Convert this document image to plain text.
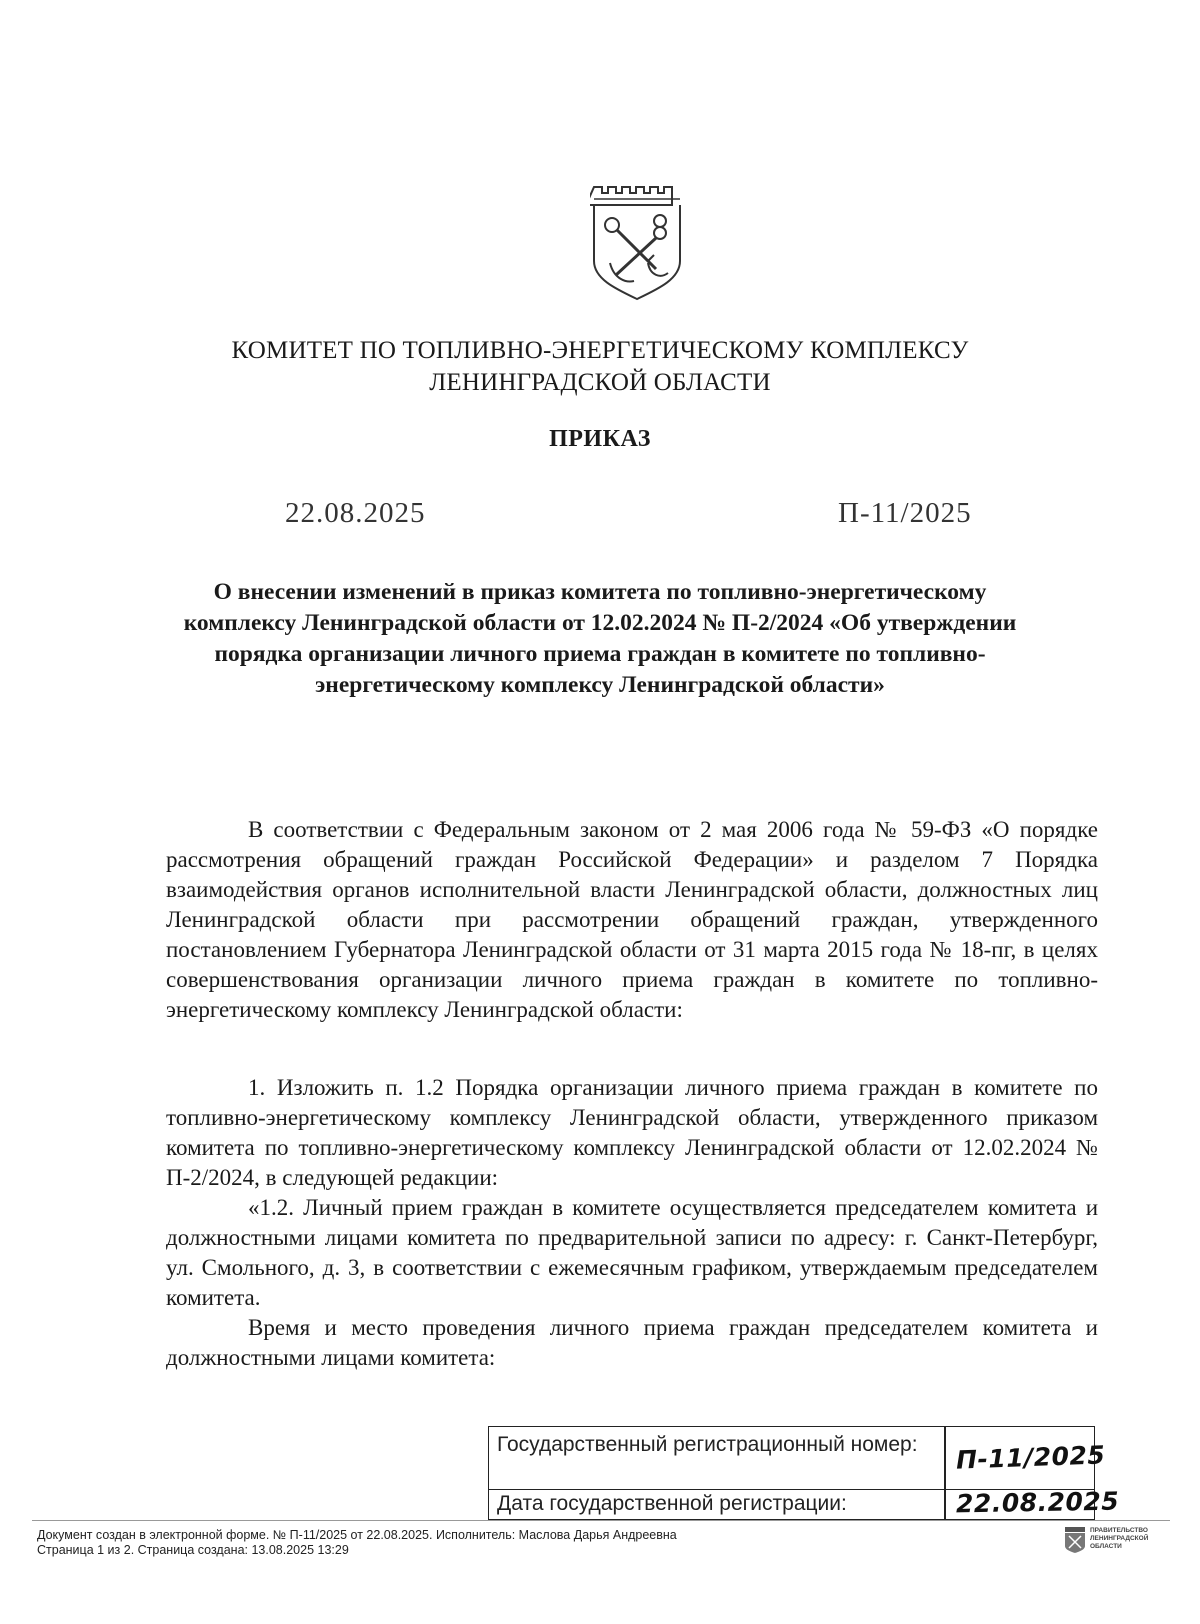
КОМИТЕТ ПО ТОПЛИВНО-ЭНЕРГЕТИЧЕСКОМУ КОМПЛЕКСУ
ЛЕНИНГРАДСКОЙ ОБЛАСТИ
ПРИКАЗ
22.08.2025	П-11/2025
О внесении изменений в приказ комитета по топливно-энергетическому комплексу Ленинградской области от 12.02.2024 № П-2/2024 «Об утверждении порядка организации личного приема граждан в комитете по топливно-энергетическому комплексу Ленинградской области»

В соответствии с Федеральным законом от 2 мая 2006 года № 59-ФЗ «О порядке рассмотрения обращений граждан Российской Федерации» и разделом 7 Порядка взаимодействия органов исполнительной власти Ленинградской области, должностных лиц Ленинградской области при рассмотрении обращений граждан, утвержденного постановлением Губернатора Ленинградской области от 31 марта 2015 года № 18-пг, в целях совершенствования организации личного приема граждан в комитете по топливно-энергетическому комплексу Ленинградской области:

1. Изложить п. 1.2 Порядка организации личного приема граждан в комитете по топливно-энергетическому комплексу Ленинградской области, утвержденного приказом комитета по топливно-энергетическому комплексу Ленинградской области от 12.02.2024 № П-2/2024, в следующей редакции:

«1.2. Личный прием граждан в комитете осуществляется председателем комитета и должностными лицами комитета по предварительной записи по адресу: г. Санкт-Петербург, ул. Смольного, д. 3, в соответствии с ежемесячным графиком, утверждаемым председателем комитета.

Время и место проведения личного приема граждан председателем комитета и должностными лицами комитета:

Государственный регистрационный номер:	П-11/2025
Дата государственной регистрации:	22.08.2025
Документ создан в электронной форме. № П-11/2025 от 22.08.2025. Исполнитель: Маслова Дарья Андреевна
Страница 1 из 2. Страница создана: 13.08.2025 13:29
ПРАВИТЕЛЬСТВО ЛЕНИНГРАДСКОЙ ОБЛАСТИ
